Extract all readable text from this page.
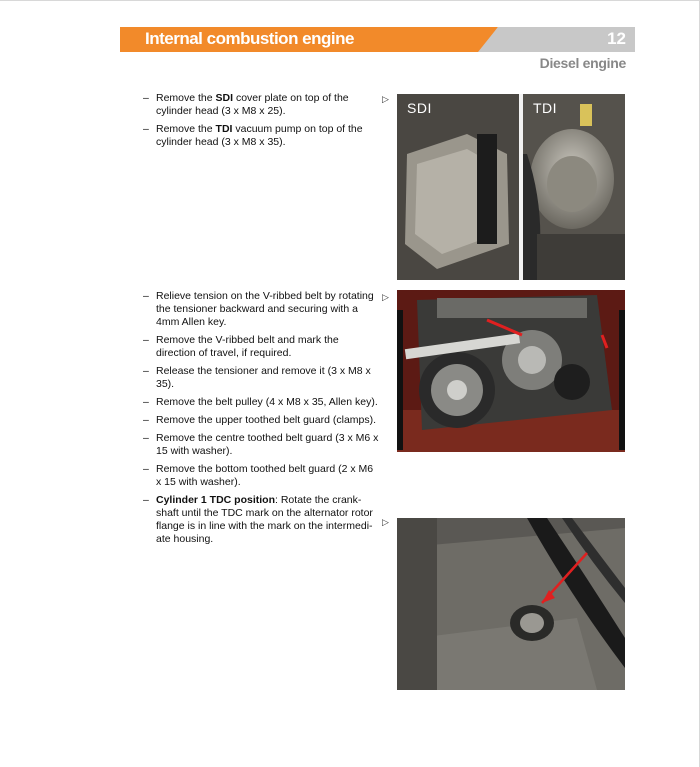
Internal combustion engine	12
Diesel engine
– Remove the SDI cover plate on top of the cylinder head (3 x M8 x 25).
– Remove the TDI vacuum pump on top of the cylinder head (3 x M8 x 35).
▷
SDI	TDI
– Relieve tension on the V-ribbed belt by rotating the tensioner backward and securing with a 4mm Allen key.
– Remove the V-ribbed belt and mark the direction of travel, if required.
– Release the tensioner and remove it (3 x M8 x 35).
– Remove the belt pulley (4 x M8 x 35, Allen key).
– Remove the upper toothed belt guard (clamps).
– Remove the centre toothed belt guard (3 x M6 x 15 with washer).
– Remove the bottom toothed belt guard (2 x M6 x 15 with washer).
– Cylinder 1 TDC position: Rotate the crank-shaft until the TDC mark on the alternator rotor flange is in line with the mark on the intermedi-ate housing.
▷
▷
